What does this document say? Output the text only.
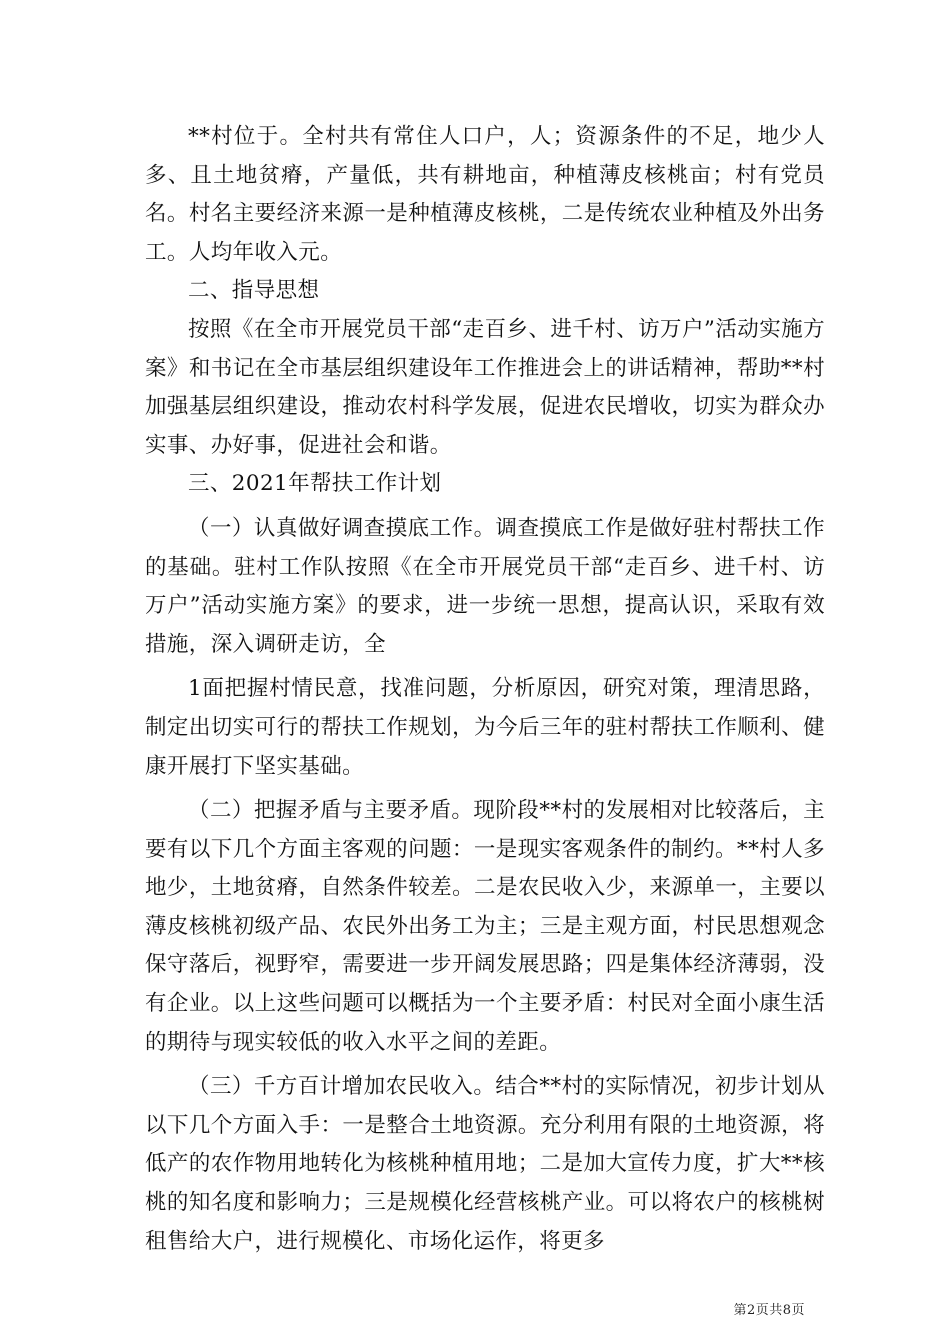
**村位于。全村共有常住人口户，人；资源条件的不足，地少人多、且土地贫瘠，产量低，共有耕地亩，种植薄皮核桃亩；村有党员名。村名主要经济来源一是种植薄皮核桃，二是传统农业种植及外出务工。人均年收入元。

二、指导思想

按照《在全市开展党员干部“走百乡、进千村、访万户”活动实施方案》和书记在全市基层组织建设年工作推进会上的讲话精神，帮助**村加强基层组织建设，推动农村科学发展，促进农民增收，切实为群众办实事、办好事，促进社会和谐。

三、2021年帮扶工作计划

（一）认真做好调查摸底工作。调查摸底工作是做好驻村帮扶工作的基础。驻村工作队按照《在全市开展党员干部“走百乡、进千村、访万户”活动实施方案》的要求，进一步统一思想，提高认识，采取有效措施，深入调研走访，全

1面把握村情民意，找准问题，分析原因，研究对策，理清思路，制定出切实可行的帮扶工作规划，为今后三年的驻村帮扶工作顺利、健康开展打下坚实基础。

（二）把握矛盾与主要矛盾。现阶段**村的发展相对比较落后，主要有以下几个方面主客观的问题：一是现实客观条件的制约。**村人多地少，土地贫瘠，自然条件较差。二是农民收入少，来源单一，主要以薄皮核桃初级产品、农民外出务工为主；三是主观方面，村民思想观念保守落后，视野窄，需要进一步开阔发展思路；四是集体经济薄弱，没有企业。以上这些问题可以概括为一个主要矛盾：村民对全面小康生活的期待与现实较低的收入水平之间的差距。

（三）千方百计增加农民收入。结合**村的实际情况，初步计划从以下几个方面入手：一是整合土地资源。充分利用有限的土地资源，将低产的农作物用地转化为核桃种植用地；二是加大宣传力度，扩大**核桃的知名度和影响力；三是规模化经营核桃产业。可以将农户的核桃树租售给大户，进行规模化、市场化运作，将更多

第2页共8页
